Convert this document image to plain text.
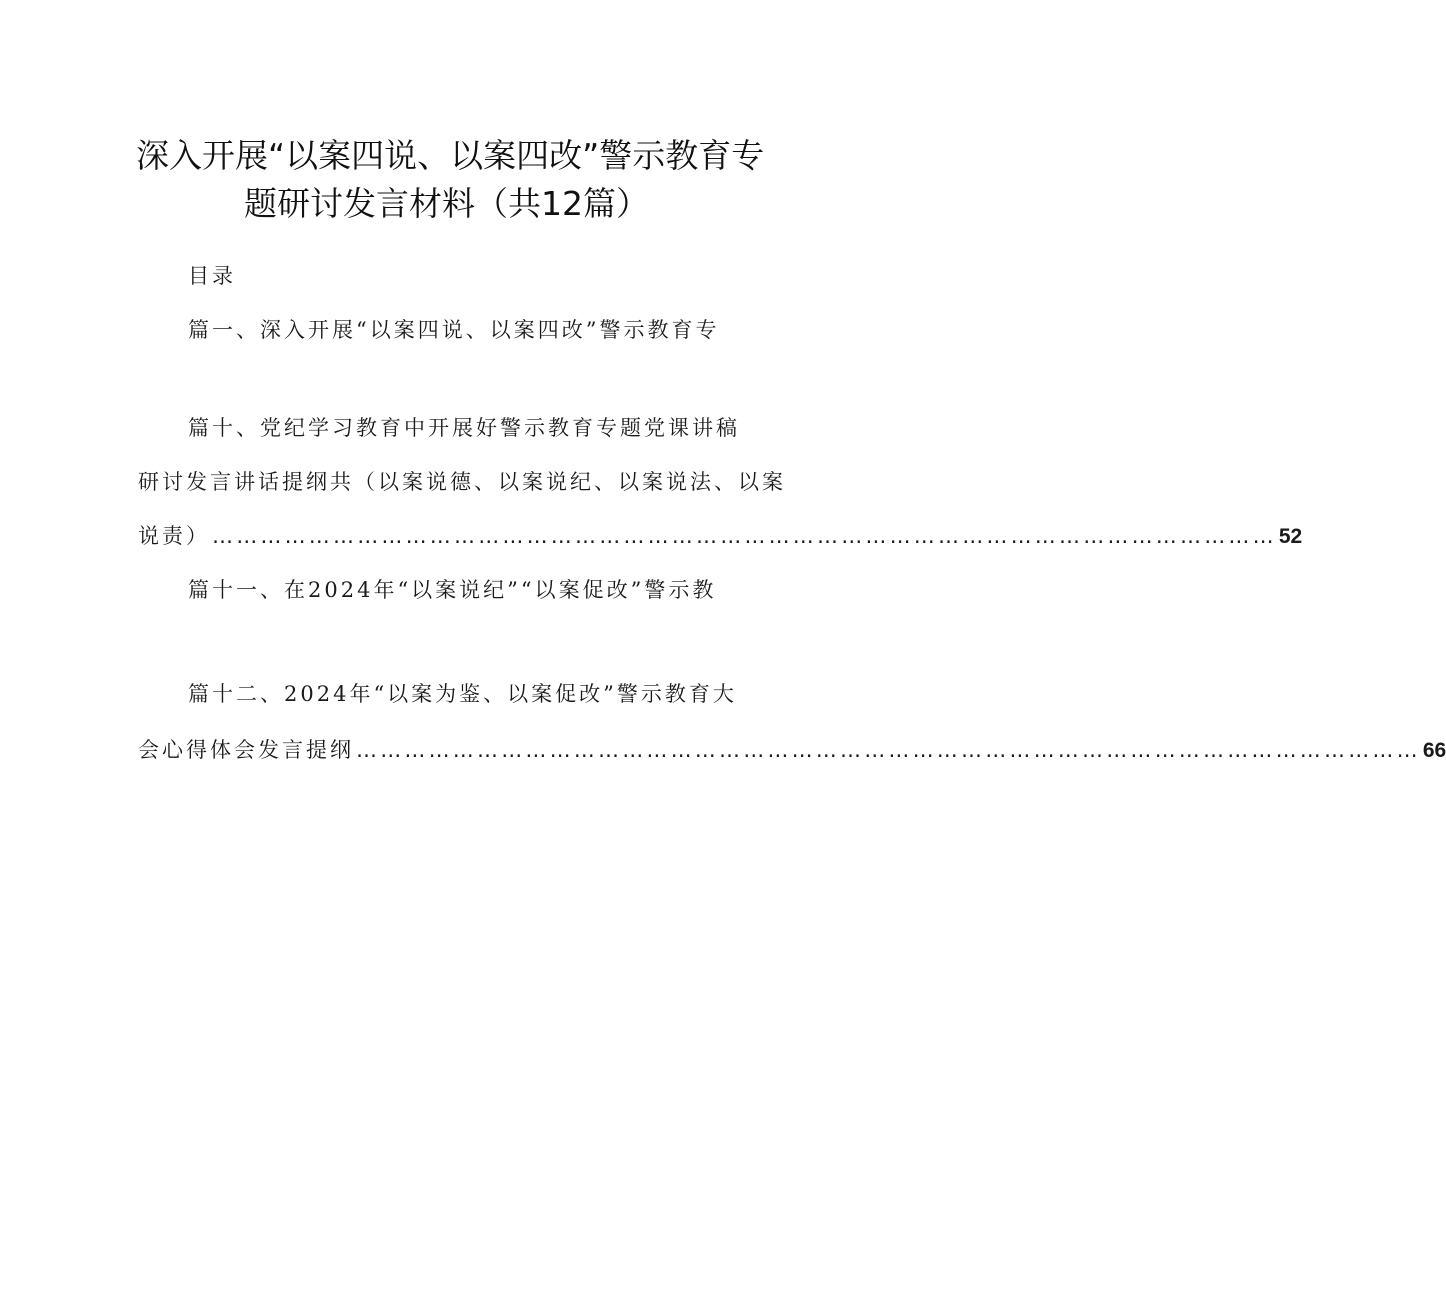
深入开展“以案四说、以案四改”警示教育专
题研讨发言材料（共12篇）
目录
篇一、深入开展“以案四说、以案四改”警示教育专
篇十、党纪学习教育中开展好警示教育专题党课讲稿
研讨发言讲话提纲共（以案说德、以案说纪、以案说法、以案
说责） …………………………………………………………………………………………………………………… 52
篇十一、在2024年“以案说纪”“以案促改”警示教
篇十二、2024年“以案为鉴、以案促改”警示教育大
会心得体会发言提纲 …………………………………………………………………………………………………………………… 66
